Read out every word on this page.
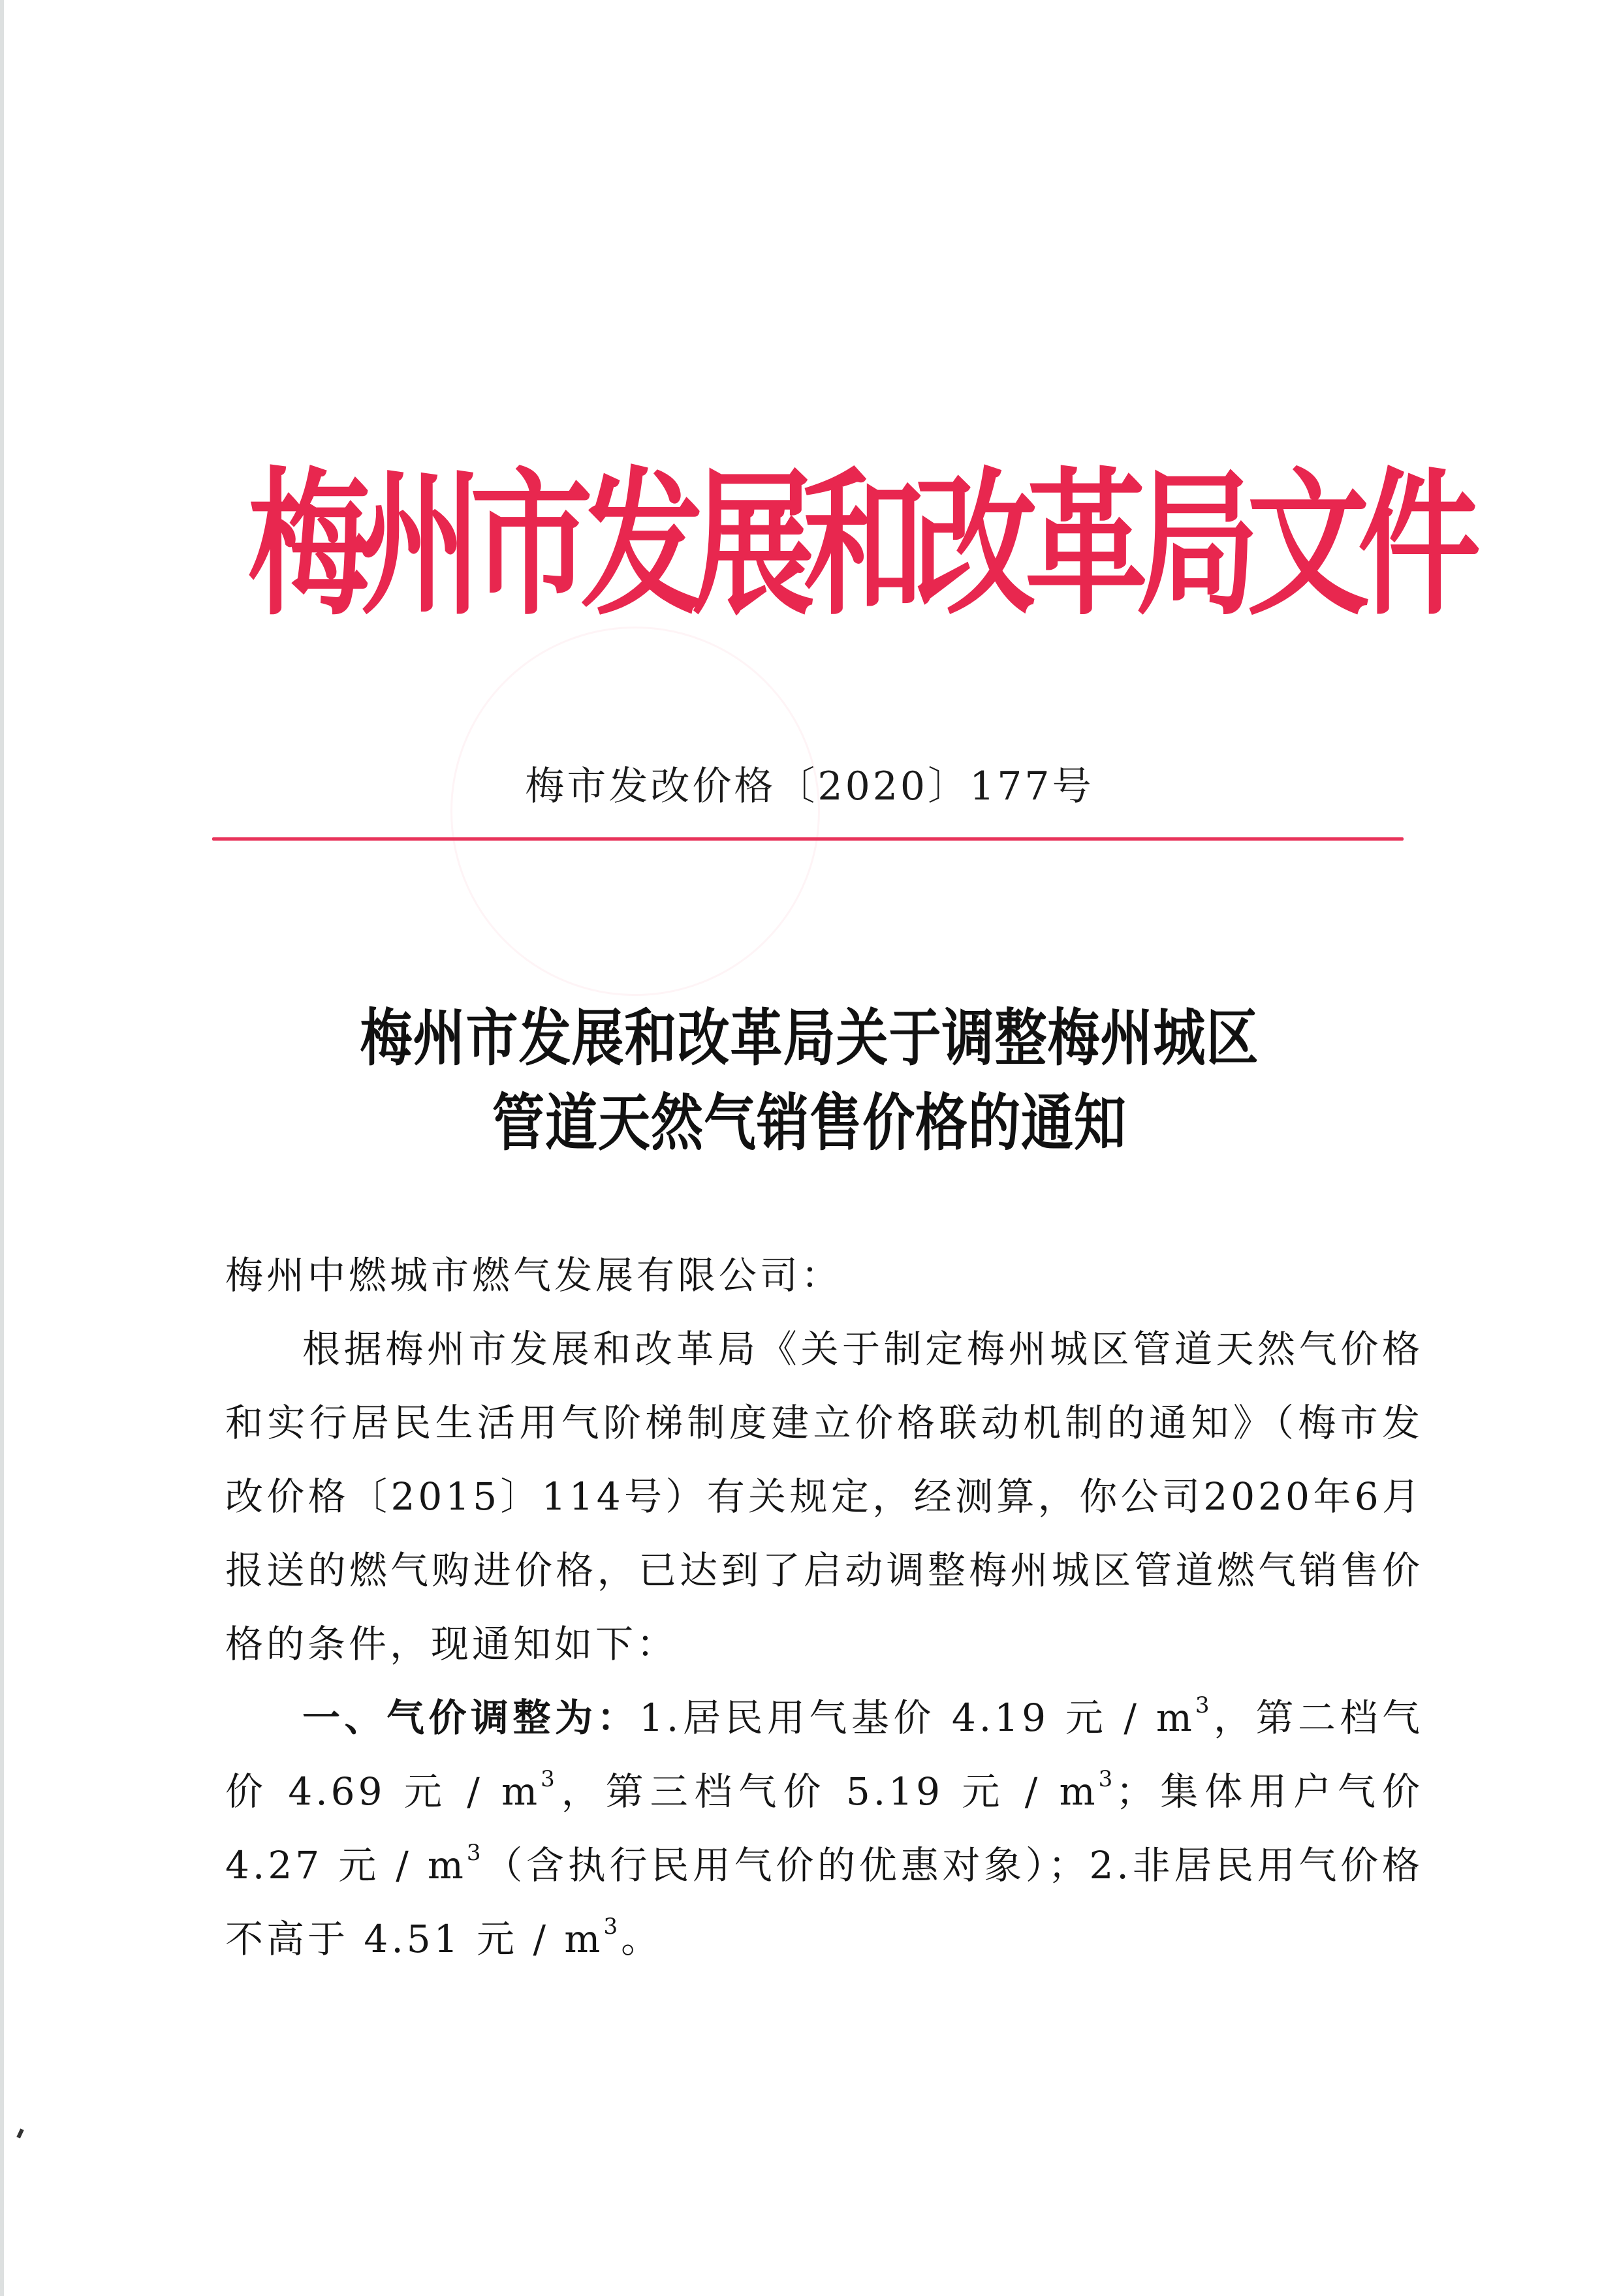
梅
州
市
发
展
和
改
革
局
文
件
梅市发改价格〔2020〕177号
梅州市发展和改革局关于调整梅州城区
管道天然气销售价格的通知

梅州中燃城市燃气发展有限公司：

根据梅州市发展和改革局《关于制定梅州城区管道天然气价格和实行居民生活用气阶梯制度建立价格联动机制的通知》（梅市发改价格〔2015〕114号）有关规定，经测算，你公司2020年6月报送的燃气购进价格，已达到了启动调整梅州城区管道燃气销售价格的条件，现通知如下：

一、气价调整为：1.居民用气基价 4.19 元 / $m^3$，第二档气价 4.69 元 / $m^3$，第三档气价 5.19 元 / $m^3$；集体用户气价 4.27 元 / $m^3$（含执行民用气价的优惠对象）；2.非居民用气价格不高于 4.51 元 / $m^3$。
